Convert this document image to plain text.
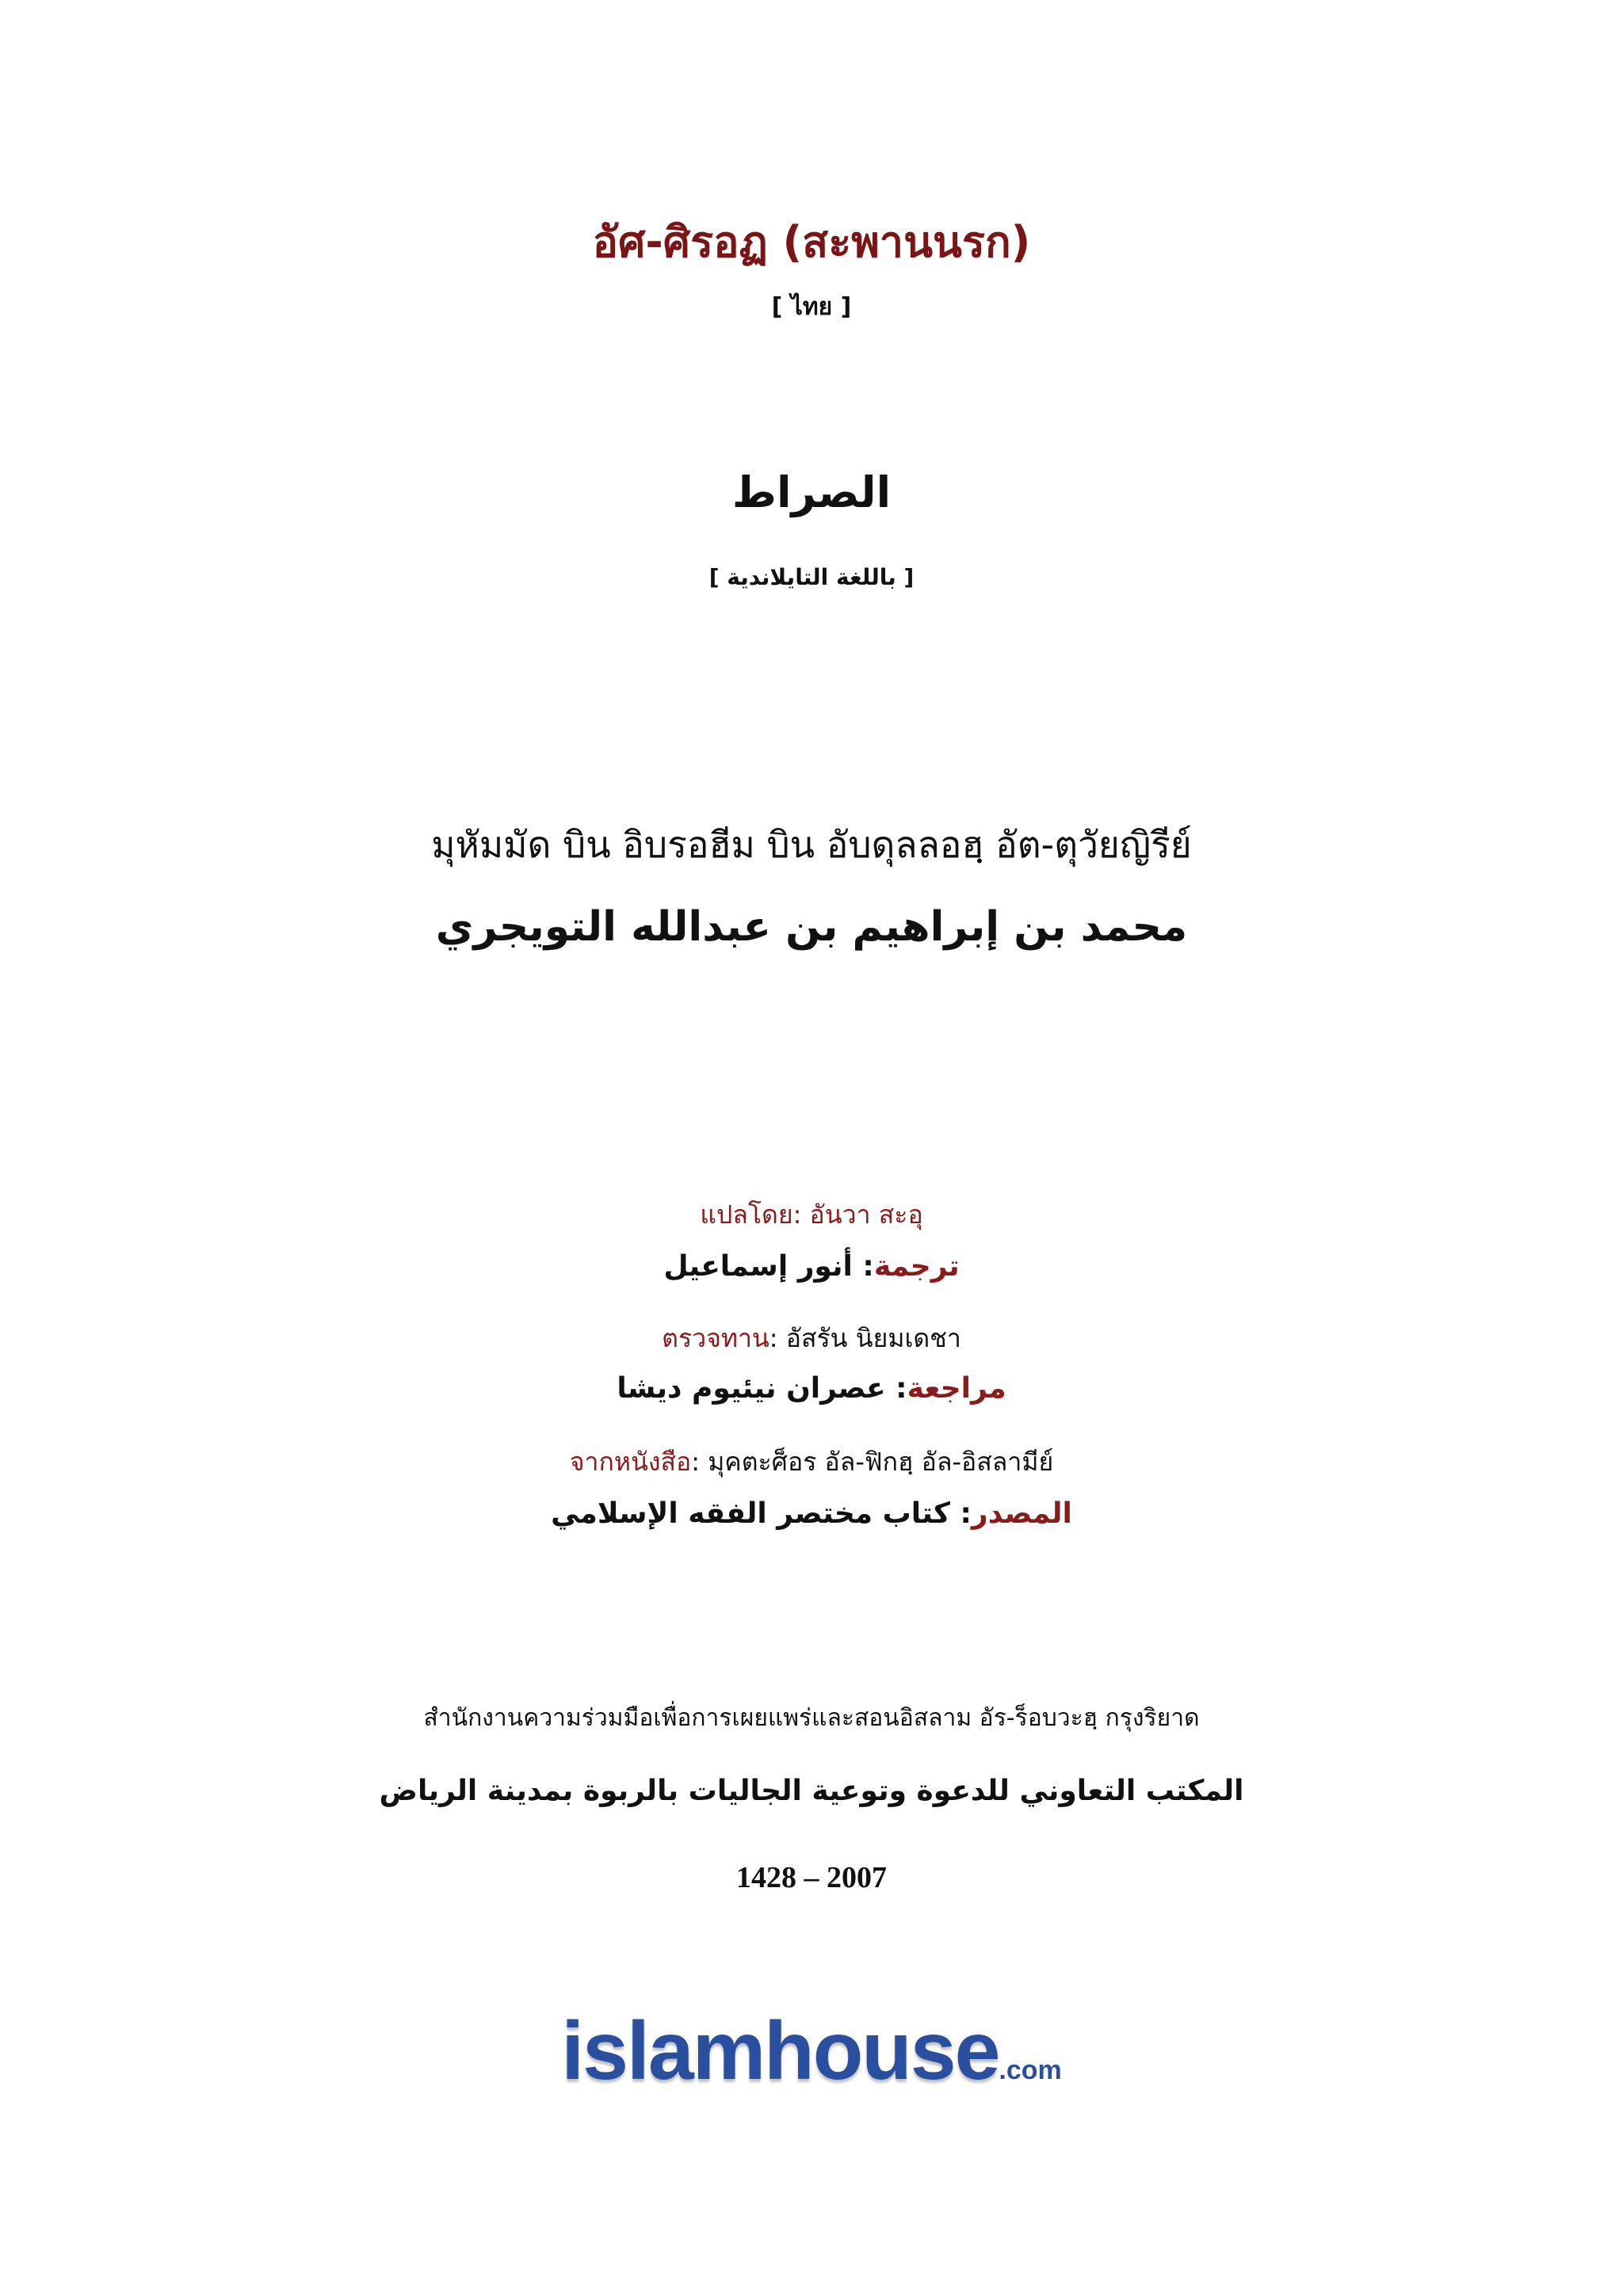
อัศ-ศิรอฏ (สะพานนรก)
[ ไทย ]
الصراط
[ باللغة التايلاندية ]
มุหัมมัด บิน อิบรอฮีม บิน อับดุลลอฮฺ อัต-ตุวัยญิรีย์
محمد بن إبراهيم بن عبدالله التويجري
แปลโดย: อันวา สะอุ
ترجمة: أنور إسماعيل
ตรวจทาน: อัสรัน นิยมเดชา
مراجعة: عصران نيئيوم ديشا
จากหนังสือ: มุคตะศ็อร อัล-ฟิกฮฺ อัล-อิสลามีย์
المصدر: كتاب مختصر الفقه الإسلامي
สำนักงานความร่วมมือเพื่อการเผยแพร่และสอนอิสลาม อัร-ร็อบวะฮฺ กรุงริยาด
المكتب التعاوني للدعوة وتوعية الجاليات بالربوة بمدينة الرياض
1428 – 2007
islamhouse.com
